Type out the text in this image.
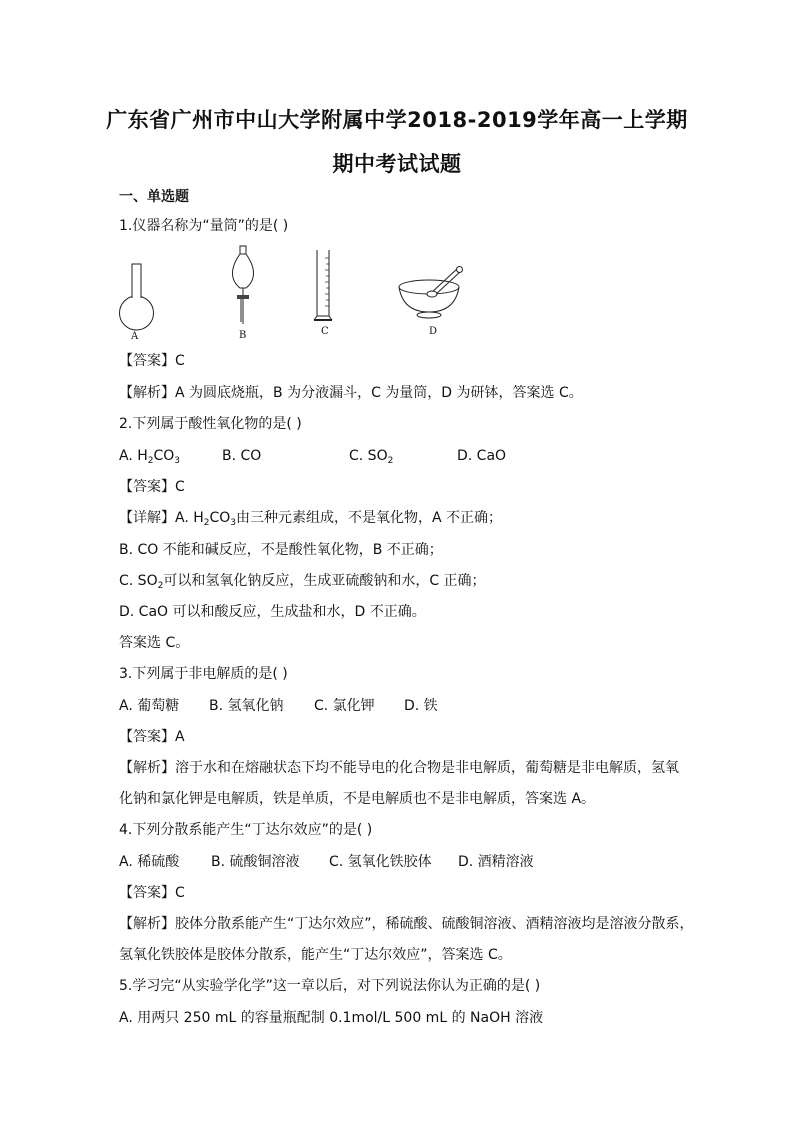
广东省广州市中山大学附属中学2018-2019学年高一上学期
期中考试试题
一、单选题
1.仪器名称为“量筒”的是( )
A	B	C	D
【答案】C
【解析】A 为圆底烧瓶，B 为分液漏斗，C 为量筒，D 为研钵，答案选 C。
2.下列属于酸性氧化物的是( )
A. $H_2CO_3$	B. CO	C. $SO_2$	D. CaO
【答案】C
【详解】A. $H_2CO_3$由三种元素组成，不是氧化物，A 不正确；
B. CO 不能和碱反应，不是酸性氧化物，B 不正确；
C. $SO_2$可以和氢氧化钠反应，生成亚硫酸钠和水，C 正确；
D. CaO 可以和酸反应，生成盐和水，D 不正确。
答案选 C。
3.下列属于非电解质的是( )
A. 葡萄糖 B. 氢氧化钠 C. 氯化钾 D. 铁
【答案】A
【解析】溶于水和在熔融状态下均不能导电的化合物是非电解质，葡萄糖是非电解质，氢氧
化钠和氯化钾是电解质，铁是单质，不是电解质也不是非电解质，答案选 A。
4.下列分散系能产生“丁达尔效应”的是( )
A. 稀硫酸 B. 硫酸铜溶液 C. 氢氧化铁胶体 D. 酒精溶液
【答案】C
【解析】胶体分散系能产生“丁达尔效应”，稀硫酸、硫酸铜溶液、酒精溶液均是溶液分散系，
氢氧化铁胶体是胶体分散系，能产生“丁达尔效应”，答案选 C。
5.学习完“从实验学化学”这一章以后，对下列说法你认为正确的是( )
A. 用两只 250 mL 的容量瓶配制 0.1mol/L 500 mL 的 NaOH 溶液
